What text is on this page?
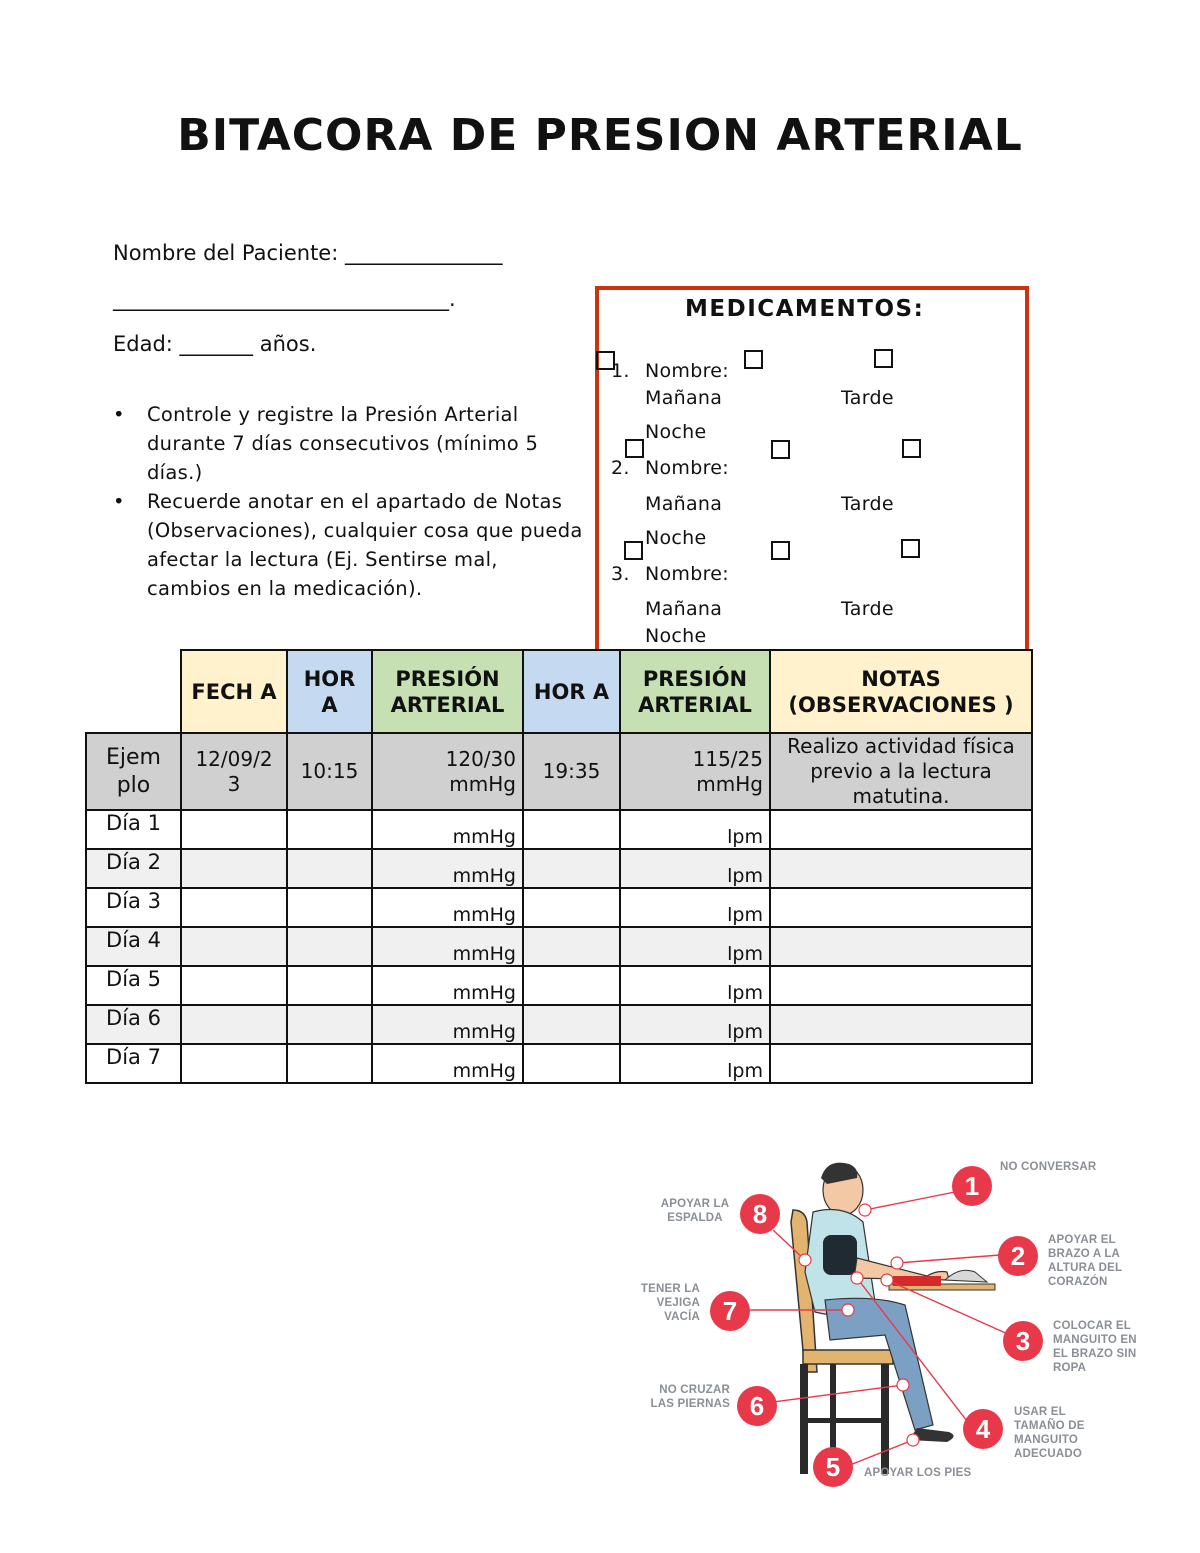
BITACORA DE PRESION ARTERIAL
Nombre del Paciente: _______________
________________________________.
Edad: _______ años.
• Controle y registre la Presión Arterial durante 7 días consecutivos (mínimo 5 días.)
• Recuerde anotar en el apartado de Notas (Observaciones), cualquier cosa que pueda afectar la lectura (Ej. Sentirse mal, cambios en la medicación).
MEDICAMENTOS:
1. Nombre:
Mañana	Tarde
Noche
2. Nombre:
Mañana	Tarde
Noche
3. Nombre:
Mañana	Tarde
Noche
	FECH A	HOR A	PRESIÓN ARTERIAL	HOR A	PRESIÓN ARTERIAL	NOTAS (OBSERVACIONES )
Ejem plo	12/09/2 3	10:15	120/30 mmHg	19:35	115/25 mmHg	Realizo actividad física previo a la lectura matutina.
Día 1			mmHg		lpm	
Día 2			mmHg		lpm	
Día 3			mmHg		lpm	
Día 4			mmHg		lpm	
Día 5			mmHg		lpm	
Día 6			mmHg		lpm	
Día 7			mmHg		lpm	
1
2
3
4
5
6
7
8
NO CONVERSAR
APOYAR EL BRAZO A LA ALTURA DEL CORAZÓN
COLOCAR EL MANGUITO EN EL BRAZO SIN ROPA
USAR EL TAMAÑO DE MANGUITO ADECUADO
APOYAR LOS PIES
NO CRUZAR LAS PIERNAS
TENER LA VEJIGA VACÍA
APOYAR LA ESPALDA
